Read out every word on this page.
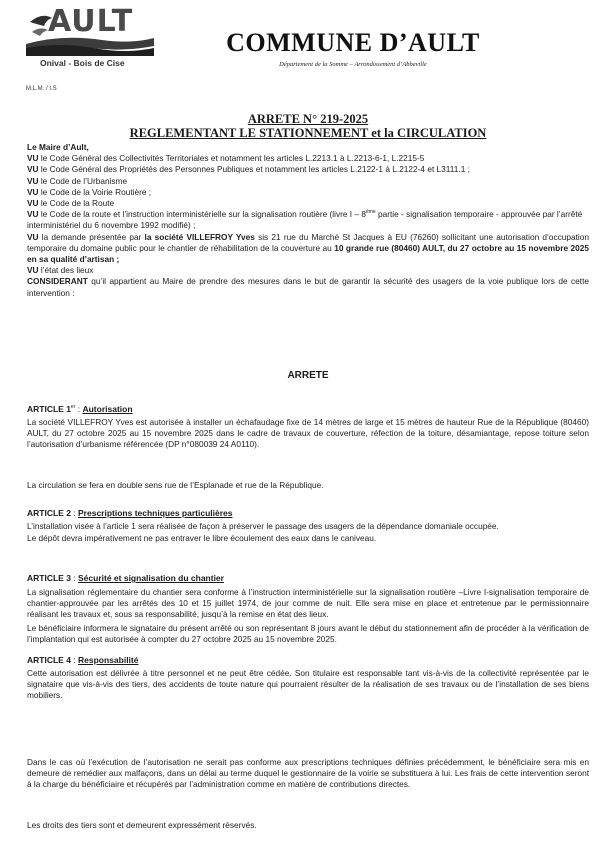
AULT
Onival - Bois de Cise
M.L.M. / I.S
COMMUNE D’AULT
Département de la Somme – Arrondissement d’Abbeville
ARRETE N° 219-2025
REGLEMENTANT LE STATIONNEMENT et la CIRCULATION
Le Maire d’Ault,
VU le Code Général des Collectivités Territoriales et notamment les articles L.2213.1 à L.2213-6-1, L.2215-5
VU le Code Général des Propriétés des Personnes Publiques et notamment les articles L.2122-1 à L.2122-4 et L3111.1 ;
VU le Code de l’Urbanisme
VU le Code de la Voirie Routière ;
VU le Code de la Route
VU le Code de la route et l’instruction interministérielle sur la signalisation routière (livre I – 8ème partie - signalisation temporaire - approuvée par l’arrêté interministériel du 6 novembre 1992 modifié) ;
VU la demande présentée par la société VILLEFROY Yves sis 21 rue du Marché St Jacques à EU (76260) sollicitant une autorisation d’occupation temporaire du domaine public pour le chantier de réhabilitation de la couverture au 10 grande rue (80460) AULT, du 27 octobre au 15 novembre 2025 en sa qualité d’artisan ;
VU l’état des lieux
CONSIDERANT qu’il appartient au Maire de prendre des mesures dans le but de garantir la sécurité des usagers de la voie publique lors de cette intervention :
ARRETE
ARTICLE 1er : Autorisation
La société VILLEFROY Yves est autorisée à installer un échafaudage fixe de 14 mètres de large et 15 mètres de hauteur Rue de la République (80460) AULT, du 27 octobre 2025 au 15 novembre 2025 dans le cadre de travaux de couverture, réfection de la toiture, désamiantage, repose toiture selon l’autorisation d’urbanisme référencée (DP n°080039 24 A0110).
La circulation se fera en double sens rue de l’Esplanade et rue de la République.
ARTICLE 2 : Prescriptions techniques particulières
L’installation visée à l’article 1 sera réalisée de façon à préserver le passage des usagers de la dépendance domaniale occupée.
Le dépôt devra impérativement ne pas entraver le libre écoulement des eaux dans le caniveau.
ARTICLE 3 : Sécurité et signalisation du chantier
La signalisation réglementaire du chantier sera conforme à l’instruction interministérielle sur la signalisation routière –Livre I-signalisation temporaire de chantier-approuvée par les arrêtés des 10 et 15 juillet 1974, de jour comme de nuit. Elle sera mise en place et entretenue par le permissionnaire réalisant les travaux et, sous sa responsabilité, jusqu’à la remise en état des lieux.
Le bénéficiaire informera le signataire du présent arrêté ou son représentant 8 jours avant le début du stationnement afin de procéder à la vérification de l’implantation qui est autorisée à compter du 27 octobre 2025 au 15 novembre 2025.
ARTICLE 4 : Responsabilité
Cette autorisation est délivrée à titre personnel et ne peut être cédée. Son titulaire est responsable tant vis-à-vis de la collectivité représentée par le signataire que vis-à-vis des tiers, des accidents de toute nature qui pourraient résulter de la réalisation de ses travaux ou de l’installation de ses biens mobiliers.
Dans le cas où l’exécution de l’autorisation ne serait pas conforme aux prescriptions techniques définies précédemment, le bénéficiaire sera mis en demeure de remédier aux malfaçons, dans un délai au terme duquel le gestionnaire de la voirie se substituera à lui. Les frais de cette intervention seront à la charge du bénéficiaire et récupérés par l’administration comme en matière de contributions directes.
Les droits des tiers sont et demeurent expressément réservés.
